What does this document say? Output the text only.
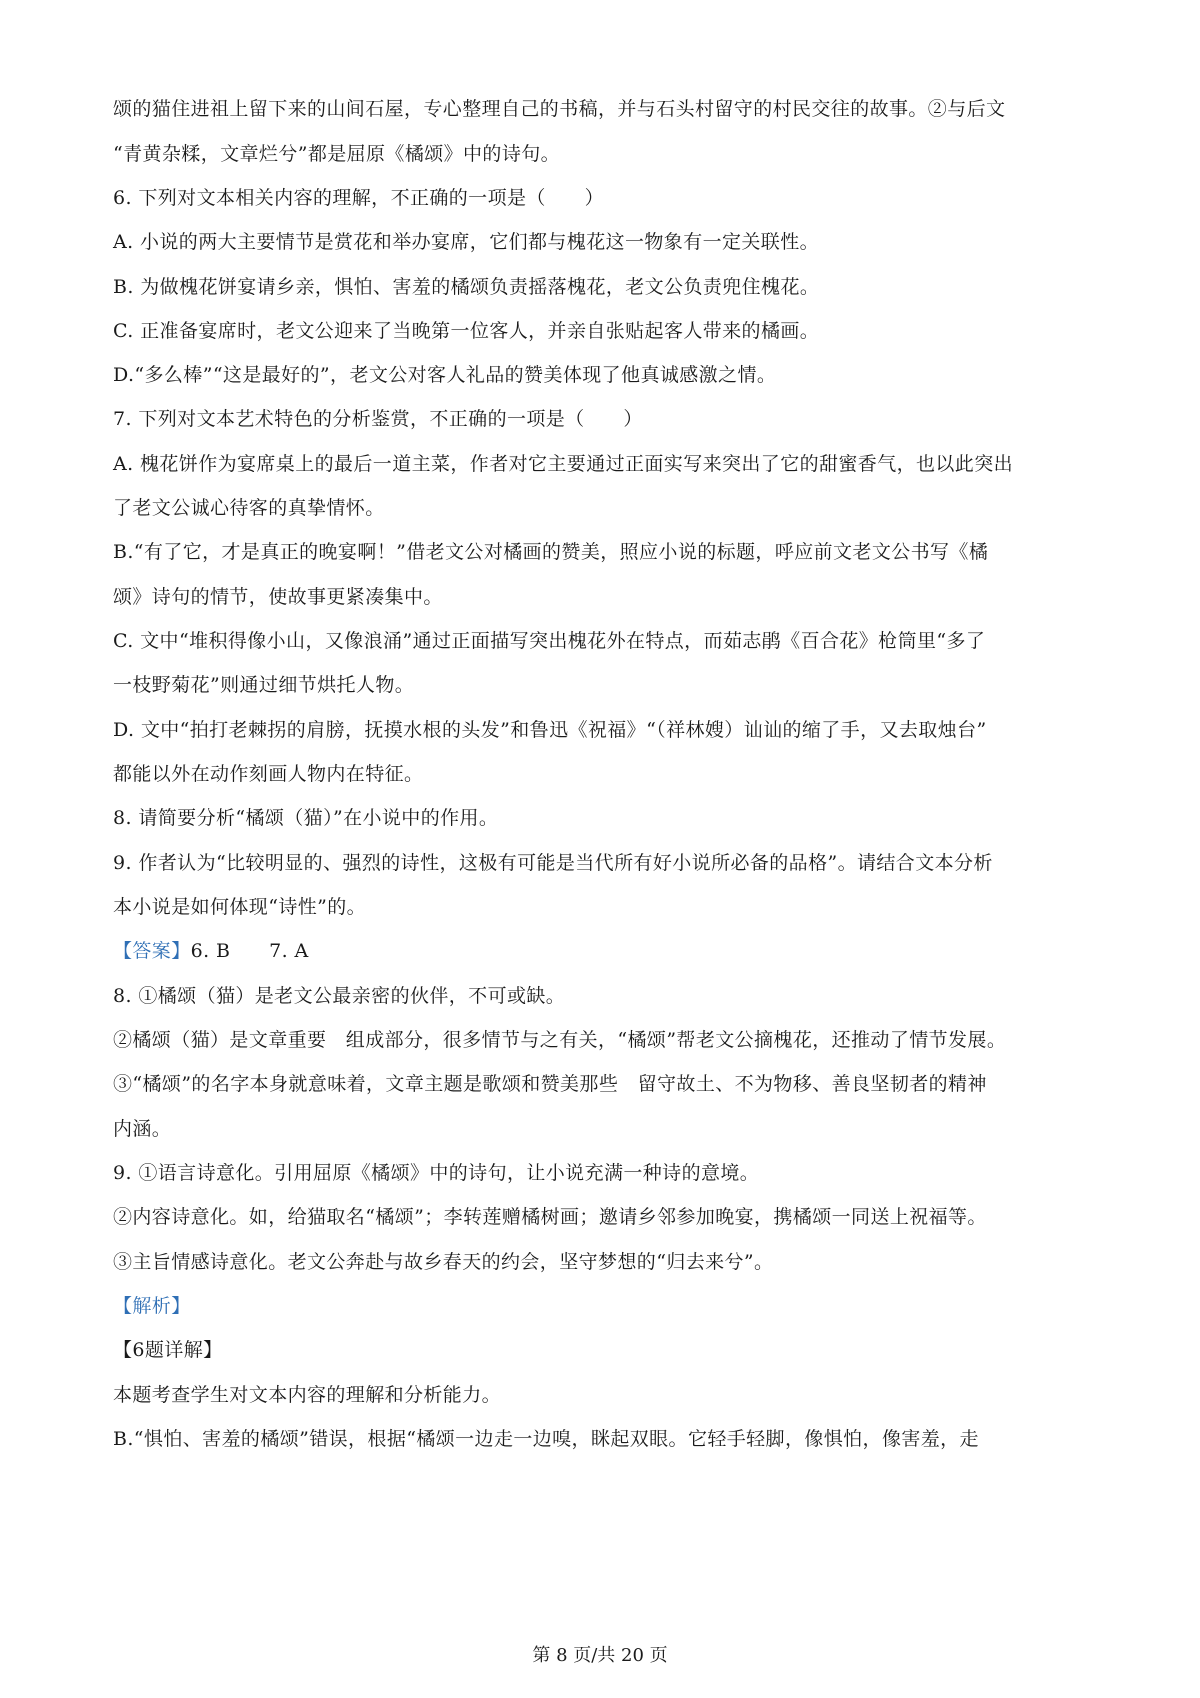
颂的猫住进祖上留下来的山间石屋，专心整理自己的书稿，并与石头村留守的村民交往的故事。②与后文
“青黄杂糅，文章烂兮”都是屈原《橘颂》中的诗句。
6. 下列对文本相关内容的理解，不正确的一项是（　　）
A. 小说的两大主要情节是赏花和举办宴席，它们都与槐花这一物象有一定关联性。
B. 为做槐花饼宴请乡亲，惧怕、害羞的橘颂负责摇落槐花，老文公负责兜住槐花。
C. 正准备宴席时，老文公迎来了当晚第一位客人，并亲自张贴起客人带来的橘画。
D.“多么棒”“这是最好的”，老文公对客人礼品的赞美体现了他真诚感激之情。
7. 下列对文本艺术特色的分析鉴赏，不正确的一项是（　　）
A. 槐花饼作为宴席桌上的最后一道主菜，作者对它主要通过正面实写来突出了它的甜蜜香气，也以此突出
了老文公诚心待客的真挚情怀。
B.“有了它，才是真正的晚宴啊！”借老文公对橘画的赞美，照应小说的标题，呼应前文老文公书写《橘
颂》诗句的情节，使故事更紧凑集中。
C. 文中“堆积得像小山，又像浪涌”通过正面描写突出槐花外在特点，而茹志鹃《百合花》枪筒里“多了
一枝野菊花”则通过细节烘托人物。
D. 文中“拍打老棘拐的肩膀，抚摸水根的头发”和鲁迅《祝福》“（祥林嫂）讪讪的缩了手，又去取烛台”
都能以外在动作刻画人物内在特征。
8. 请简要分析“橘颂（猫）”在小说中的作用。
9. 作者认为“比较明显的、强烈的诗性，这极有可能是当代所有好小说所必备的品格”。请结合文本分析
本小说是如何体现“诗性”的。
【答案】6. B　　7. A
8. ①橘颂（猫）是老文公最亲密的伙伴，不可或缺。
②橘颂（猫）是文章重要　组成部分，很多情节与之有关，“橘颂”帮老文公摘槐花，还推动了情节发展。
③“橘颂”的名字本身就意味着，文章主题是歌颂和赞美那些　留守故土、不为物移、善良坚韧者的精神
内涵。
9. ①语言诗意化。引用屈原《橘颂》中的诗句，让小说充满一种诗的意境。
②内容诗意化。如，给猫取名“橘颂”；李转莲赠橘树画；邀请乡邻参加晚宴，携橘颂一同送上祝福等。
③主旨情感诗意化。老文公奔赴与故乡春天的约会，坚守梦想的“归去来兮”。
【解析】
【6题详解】
本题考查学生对文本内容的理解和分析能力。
B.“惧怕、害羞的橘颂”错误，根据“橘颂一边走一边嗅，眯起双眼。它轻手轻脚，像惧怕，像害羞，走
第 8 页/共 20 页
